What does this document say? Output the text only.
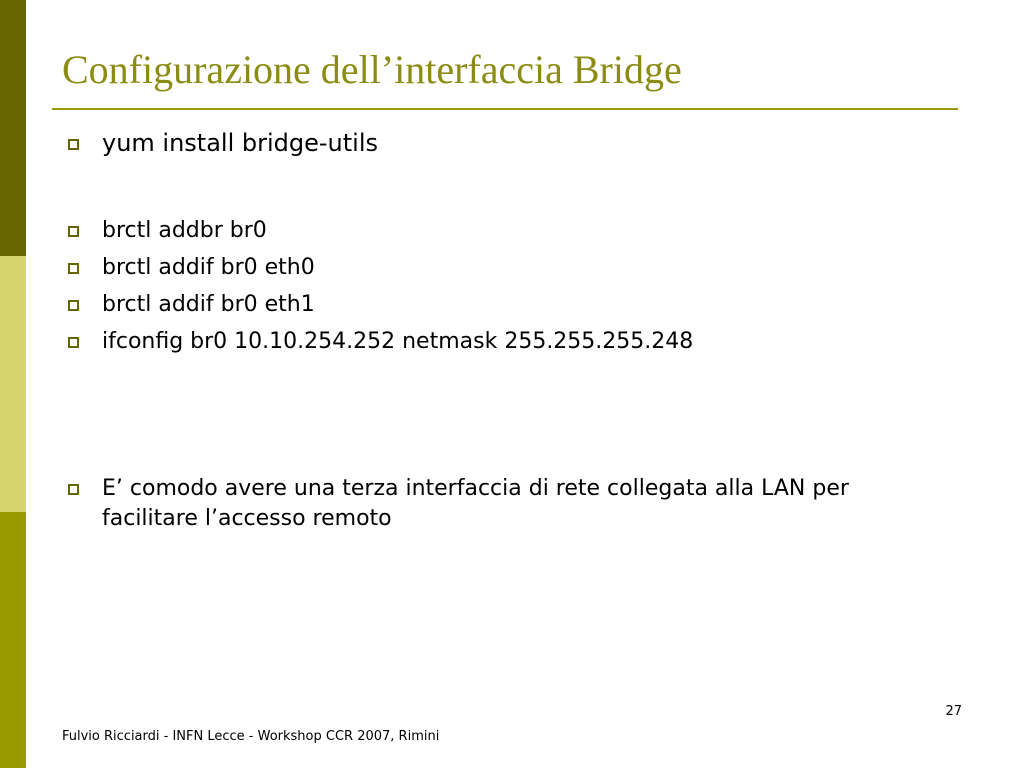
Configurazione dell’interfaccia Bridge
yum install bridge-utils
brctl addbr br0
brctl addif br0 eth0
brctl addif br0 eth1
ifconfig br0 10.10.254.252 netmask 255.255.255.248
E’ comodo avere una terza interfaccia di rete collegata alla LAN per facilitare l’accesso remoto
27
Fulvio Ricciardi - INFN Lecce - Workshop CCR 2007, Rimini
